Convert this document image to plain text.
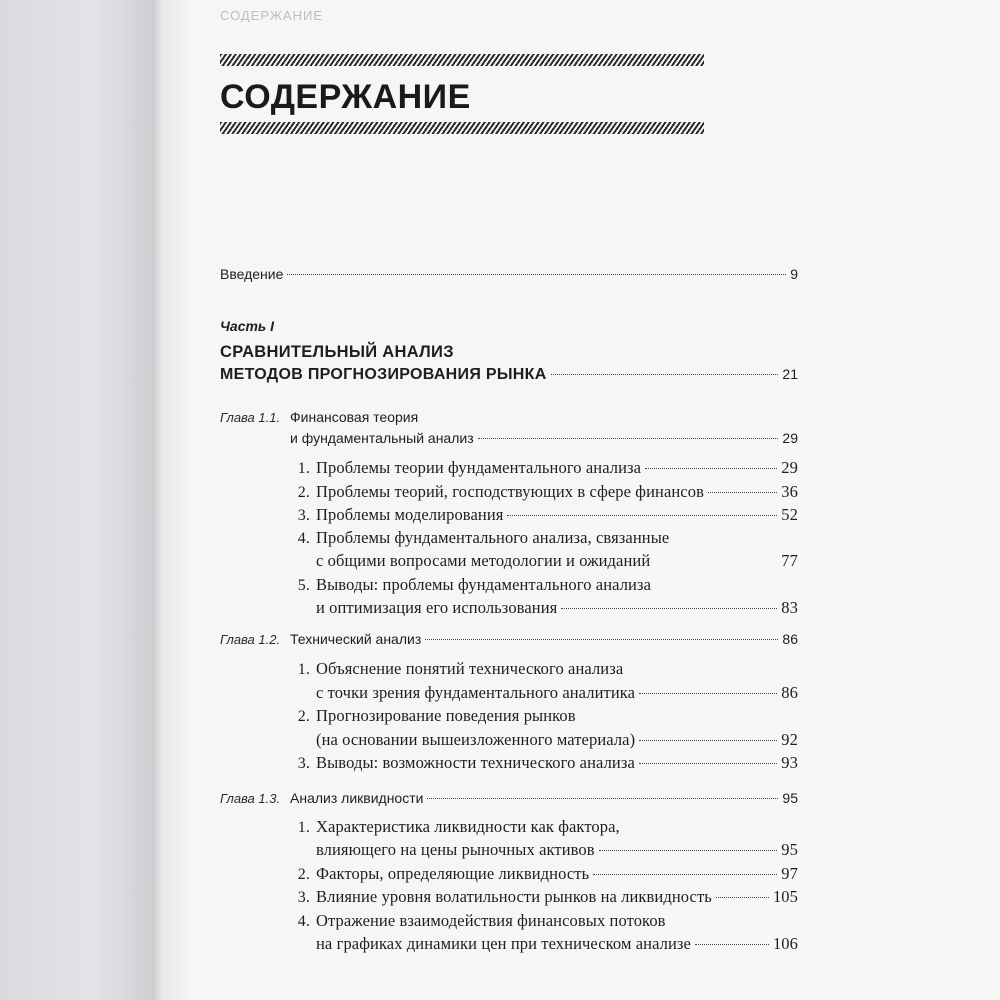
СОДЕРЖАНИЕ
СОДЕРЖАНИЕ
Введение	9
Часть I
СРАВНИТЕЛЬНЫЙ АНАЛИЗ
МЕТОДОВ ПРОГНОЗИРОВАНИЯ РЫНКА	21
Глава 1.1. Финансовая теория
и фундаментальный анализ	29
1. Проблемы теории фундаментального анализа	29
2. Проблемы теорий, господствующих в сфере финансов	36
3. Проблемы моделирования	52
4. Проблемы фундаментального анализа, связанные
с общими вопросами методологии и ожиданий	77
5. Выводы: проблемы фундаментального анализа
и оптимизация его использования	83
Глава 1.2. Технический анализ	86
1. Объяснение понятий технического анализа
с точки зрения фундаментального аналитика	86
2. Прогнозирование поведения рынков
(на основании вышеизложенного материала)	92
3. Выводы: возможности технического анализа	93
Глава 1.3. Анализ ликвидности	95
1. Характеристика ликвидности как фактора,
влияющего на цены рыночных активов	95
2. Факторы, определяющие ликвидность	97
3. Влияние уровня волатильности рынков на ликвидность	105
4. Отражение взаимодействия финансовых потоков
на графиках динамики цен при техническом анализе	106
